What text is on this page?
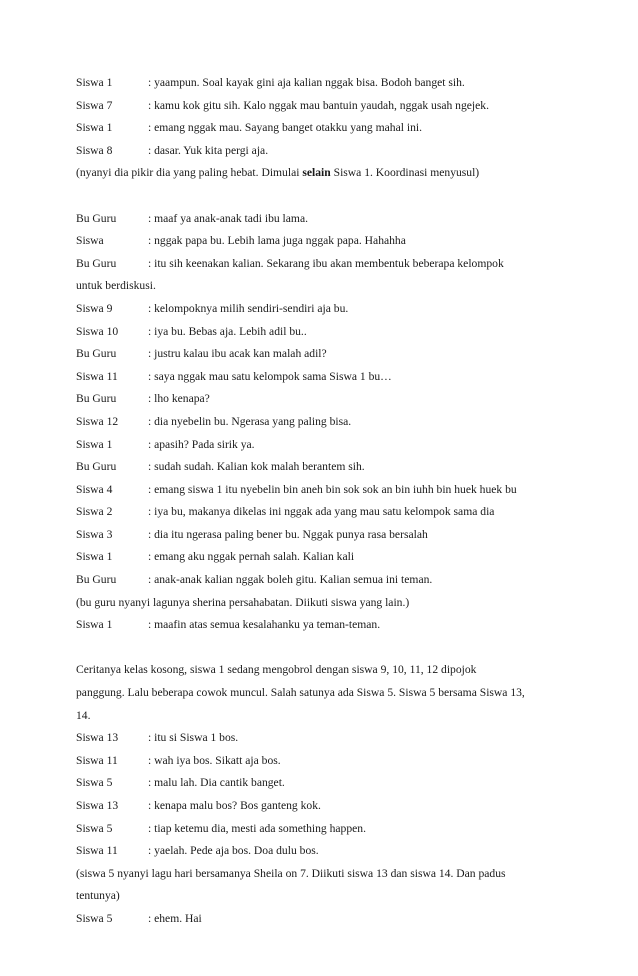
Siswa 1	: yaampun. Soal kayak gini aja kalian nggak bisa. Bodoh banget sih.
Siswa 7	: kamu kok gitu sih. Kalo nggak mau bantuin yaudah, nggak usah ngejek.
Siswa 1	: emang nggak mau. Sayang banget otakku yang mahal ini.
Siswa 8	: dasar. Yuk kita pergi aja.
(nyanyi dia pikir dia yang paling hebat. Dimulai selain Siswa 1. Koordinasi menyusul)
Bu Guru	: maaf ya anak-anak tadi ibu lama.
Siswa	: nggak papa bu. Lebih lama juga nggak papa. Hahahha
Bu Guru	: itu sih keenakan kalian. Sekarang ibu akan membentuk beberapa kelompok
untuk berdiskusi.
Siswa 9	: kelompoknya milih sendiri-sendiri aja bu.
Siswa 10	: iya bu. Bebas aja. Lebih adil bu..
Bu Guru	: justru kalau ibu acak kan malah adil?
Siswa 11	: saya nggak mau satu kelompok sama Siswa 1 bu…
Bu Guru	: lho kenapa?
Siswa 12	: dia nyebelin bu. Ngerasa yang paling bisa.
Siswa 1	: apasih? Pada sirik ya.
Bu Guru	: sudah sudah. Kalian kok malah berantem sih.
Siswa 4	: emang siswa 1 itu nyebelin bin aneh bin sok sok an bin iuhh bin huek huek bu
Siswa 2	: iya bu, makanya dikelas ini nggak ada yang mau satu kelompok sama dia
Siswa 3	: dia itu ngerasa paling bener bu. Nggak punya rasa bersalah
Siswa 1	: emang aku nggak pernah salah. Kalian kali
Bu Guru	: anak-anak kalian nggak boleh gitu. Kalian semua ini teman.
(bu guru nyanyi lagunya sherina persahabatan. Diikuti siswa yang lain.)
Siswa 1	: maafin atas semua kesalahanku ya teman-teman.
Ceritanya kelas kosong, siswa 1 sedang mengobrol dengan siswa 9, 10, 11, 12 dipojok
panggung. Lalu beberapa cowok muncul. Salah satunya ada Siswa 5. Siswa 5 bersama Siswa 13,
14.
Siswa 13	: itu si Siswa 1 bos.
Siswa 11	: wah iya bos. Sikatt aja bos.
Siswa 5	: malu lah. Dia cantik banget.
Siswa 13	: kenapa malu bos? Bos ganteng kok.
Siswa 5	: tiap ketemu dia, mesti ada something happen.
Siswa 11	: yaelah. Pede aja bos. Doa dulu bos.
(siswa 5 nyanyi lagu hari bersamanya Sheila on 7. Diikuti siswa 13 dan siswa 14. Dan padus
tentunya)
Siswa 5	: ehem. Hai
